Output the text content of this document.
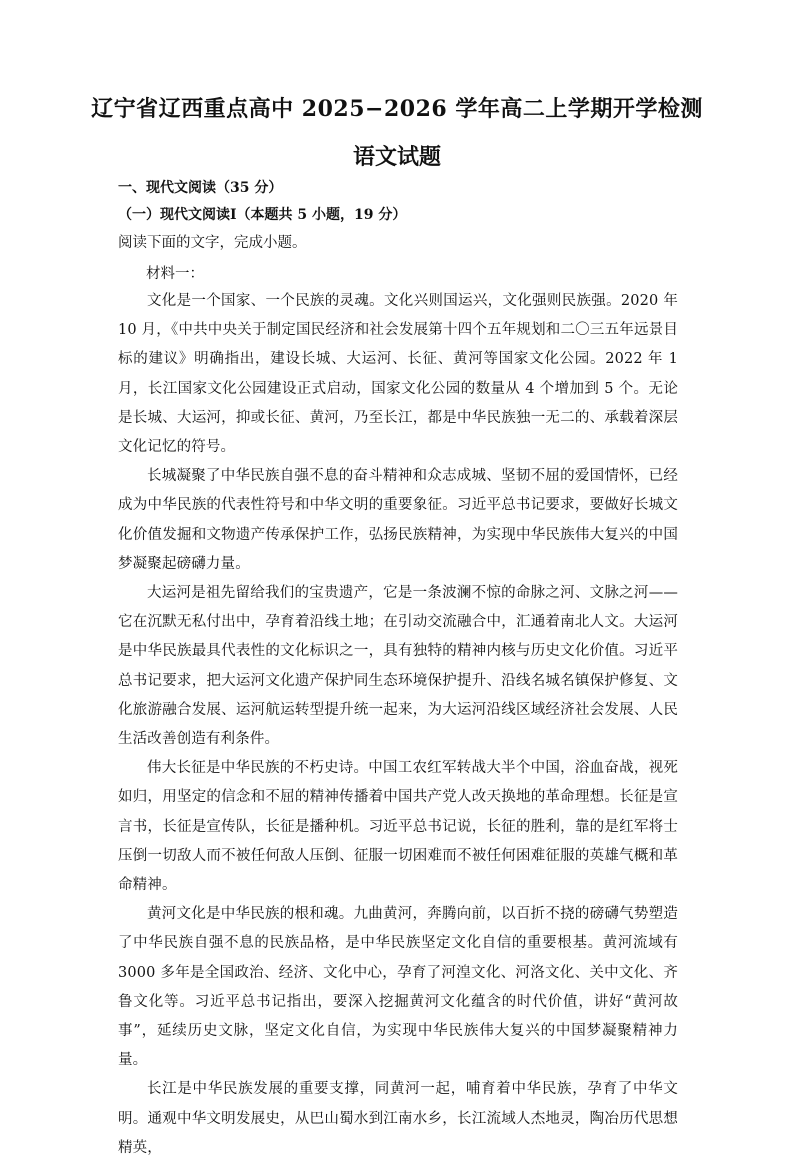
辽宁省辽西重点高中 2025−2026 学年高二上学期开学检测
语文试题
一、现代文阅读（35 分）
（一）现代文阅读Ⅰ（本题共 5 小题，19 分）
阅读下面的文字，完成小题。
材料一：

文化是一个国家、一个民族的灵魂。文化兴则国运兴，文化强则民族强。2020 年 10 月，《中共中央关于制定国民经济和社会发展第十四个五年规划和二〇三五年远景目标的建议》明确指出，建设长城、大运河、长征、黄河等国家文化公园。2022 年 1 月，长江国家文化公园建设正式启动，国家文化公园的数量从 4 个增加到 5 个。无论是长城、大运河，抑或长征、黄河，乃至长江，都是中华民族独一无二的、承载着深层文化记忆的符号。

长城凝聚了中华民族自强不息的奋斗精神和众志成城、坚韧不屈的爱国情怀，已经成为中华民族的代表性符号和中华文明的重要象征。习近平总书记要求，要做好长城文化价值发掘和文物遗产传承保护工作，弘扬民族精神，为实现中华民族伟大复兴的中国梦凝聚起磅礴力量。

大运河是祖先留给我们的宝贵遗产，它是一条波澜不惊的命脉之河、文脉之河——它在沉默无私付出中，孕育着沿线土地；在引动交流融合中，汇通着南北人文。大运河是中华民族最具代表性的文化标识之一，具有独特的精神内核与历史文化价值。习近平总书记要求，把大运河文化遗产保护同生态环境保护提升、沿线名城名镇保护修复、文化旅游融合发展、运河航运转型提升统一起来，为大运河沿线区域经济社会发展、人民生活改善创造有利条件。

伟大长征是中华民族的不朽史诗。中国工农红军转战大半个中国，浴血奋战，视死如归，用坚定的信念和不屈的精神传播着中国共产党人改天换地的革命理想。长征是宣言书，长征是宣传队，长征是播种机。习近平总书记说，长征的胜利，靠的是红军将士压倒一切敌人而不被任何敌人压倒、征服一切困难而不被任何困难征服的英雄气概和革命精神。

黄河文化是中华民族的根和魂。九曲黄河，奔腾向前，以百折不挠的磅礴气势塑造了中华民族自强不息的民族品格，是中华民族坚定文化自信的重要根基。黄河流域有 3000 多年是全国政治、经济、文化中心，孕育了河湟文化、河洛文化、关中文化、齐鲁文化等。习近平总书记指出，要深入挖掘黄河文化蕴含的时代价值，讲好“黄河故事”，延续历史文脉，坚定文化自信，为实现中华民族伟大复兴的中国梦凝聚精神力量。

长江是中华民族发展的重要支撑，同黄河一起，哺育着中华民族，孕育了中华文明。通观中华文明发展史，从巴山蜀水到江南水乡，长江流域人杰地灵，陶冶历代思想精英，
